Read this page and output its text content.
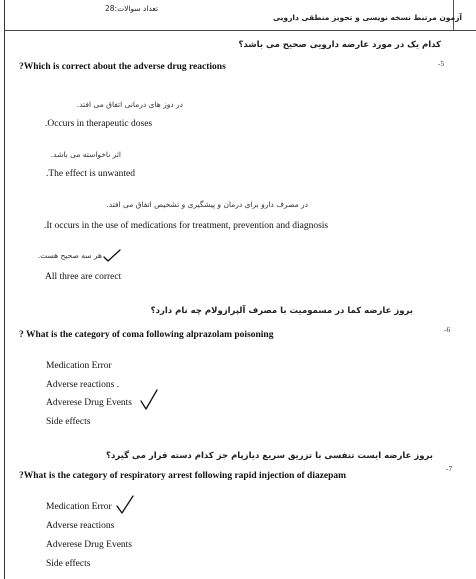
آزمون مرتبط نسخه نویسی و تجویز منطقی دارویی
تعداد سوالات:28
-5
کدام یک در مورد عارضه دارویی صحیح می باشد؟
?Which is correct about the adverse drug reactions
در دوز های درمانی اتفاق می افتد.
.Occurs in therapeutic doses
اثر ناخواسته می باشد.
.The effect is unwanted
در مصرف دارو برای درمان و پیشگیری و تشخیص اتفاق می افتد.
.It occurs in the use of medications for treatment, prevention and diagnosis
هر سه صحیح هست.
All three are correct
بروز عارضه کما در مسمومیت با مصرف آلپرازولام چه نام دارد؟
-6
? What is the category of coma following alprazolam poisoning
Medication Error
Adverse reactions .
Adverese Drug Events
Side effects
بروز عارضه ایست تنفسی با تزریق سریع دیازپام جز کدام دسته قرار می گیرد؟
-7
?What is the category of respiratory arrest following rapid injection of diazepam
Medication Error
Adverse reactions
Adverese Drug Events
Side effects
